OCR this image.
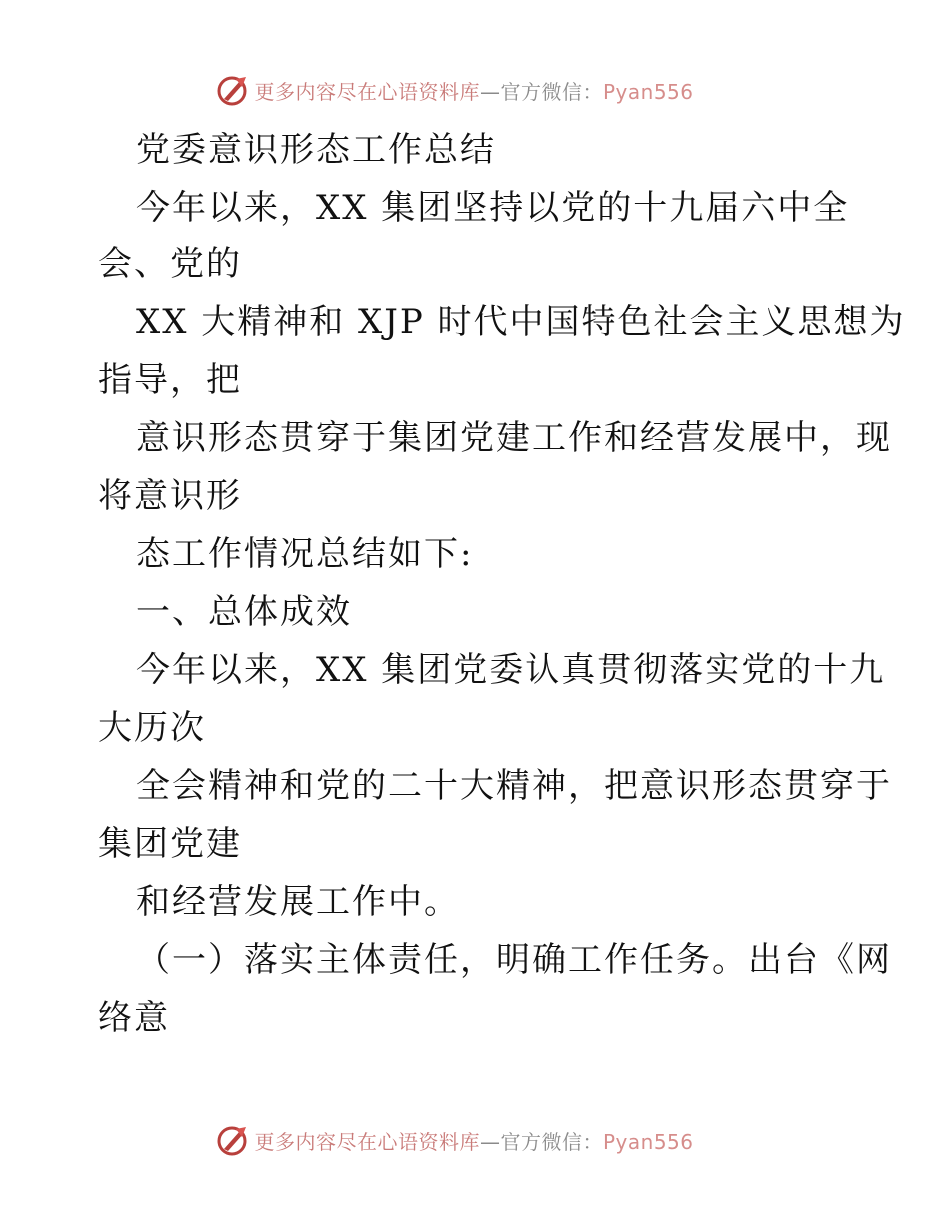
更多内容尽在心语资料库—官方微信：Pyan556
党委意识形态工作总结
今年以来，XX 集团坚持以党的十九届六中全
会、党的
XX 大精神和 XJP 时代中国特色社会主义思想为
指导，把
意识形态贯穿于集团党建工作和经营发展中，现
将意识形
态工作情况总结如下:
一、总体成效
今年以来，XX 集团党委认真贯彻落实党的十九
大历次
全会精神和党的二十大精神，把意识形态贯穿于
集团党建
和经营发展工作中。
（一）落实主体责任，明确工作任务。出台《网
络意
更多内容尽在心语资料库—官方微信：Pyan556
